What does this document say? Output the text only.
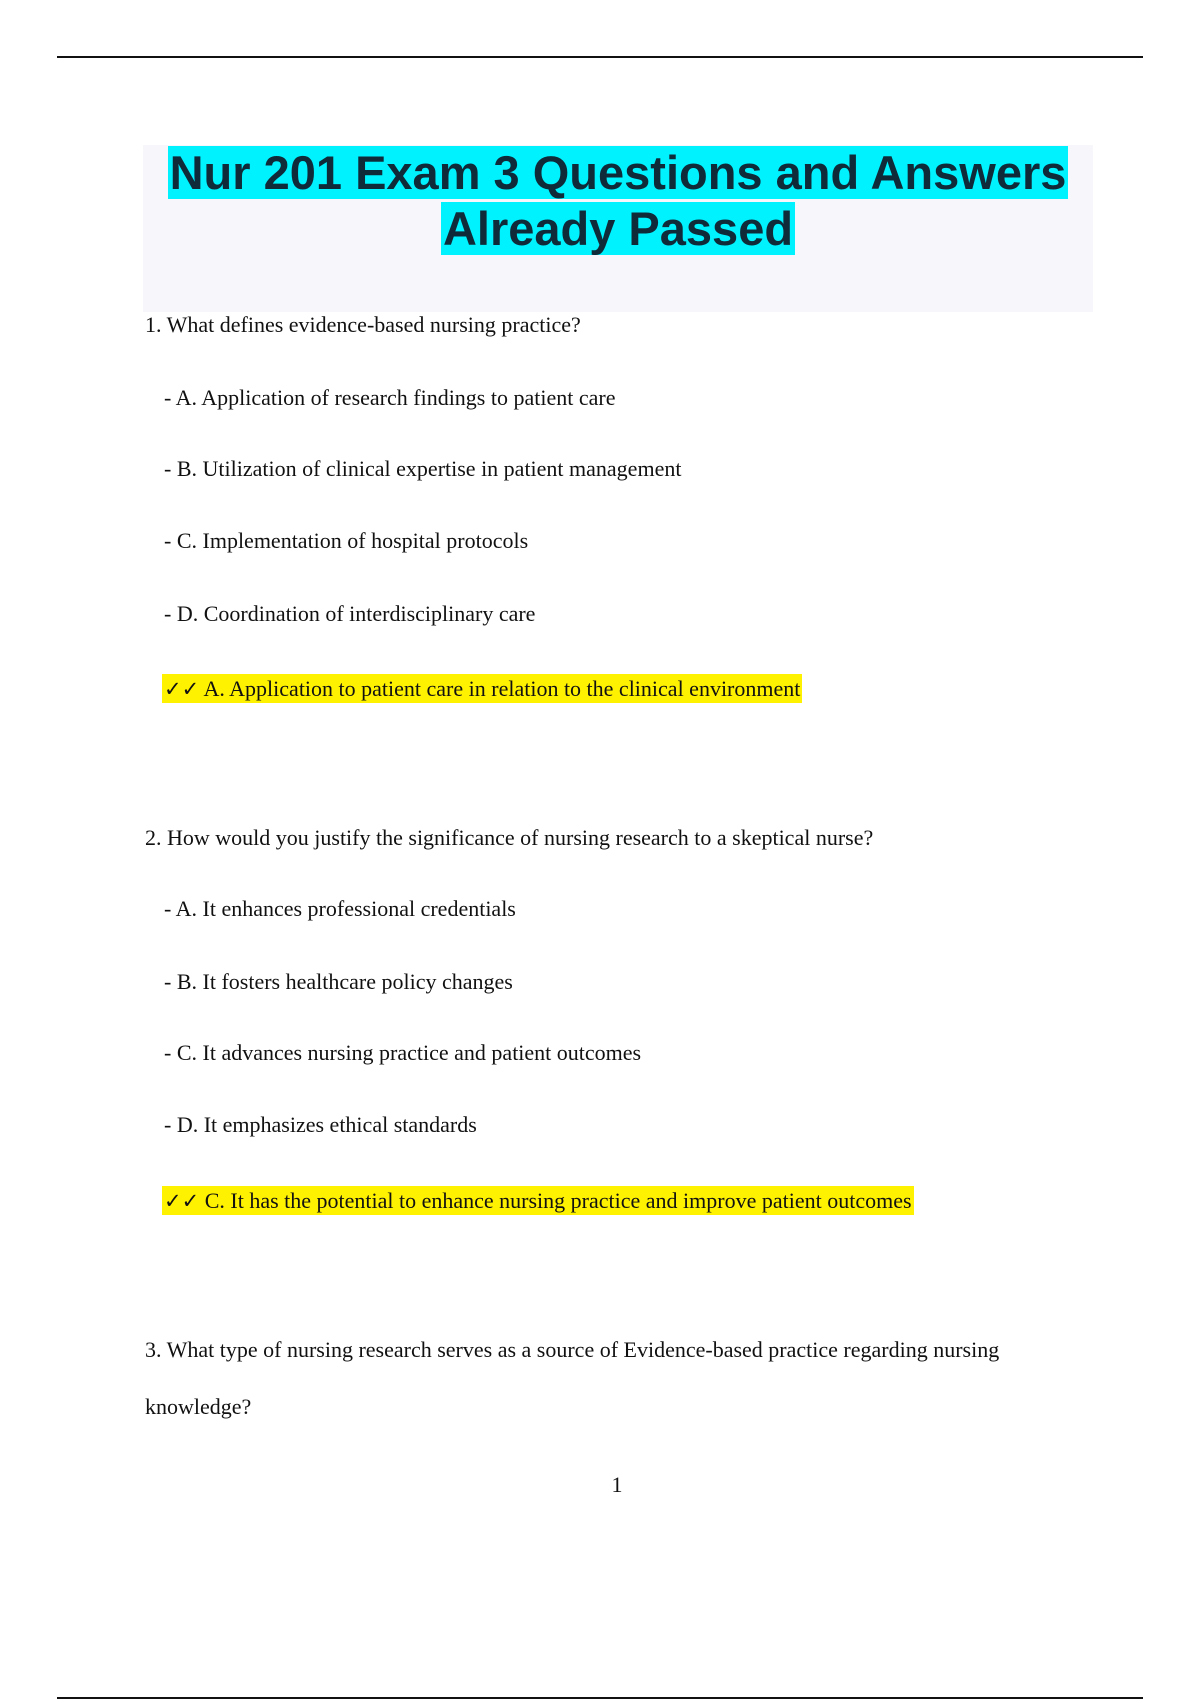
Nur 201 Exam 3 Questions and Answers
Already Passed
1. What defines evidence-based nursing practice?
- A. Application of research findings to patient care
- B. Utilization of clinical expertise in patient management
- C. Implementation of hospital protocols
- D. Coordination of interdisciplinary care
✓✓ A. Application to patient care in relation to the clinical environment
2. How would you justify the significance of nursing research to a skeptical nurse?
- A. It enhances professional credentials
- B. It fosters healthcare policy changes
- C. It advances nursing practice and patient outcomes
- D. It emphasizes ethical standards
✓✓ C. It has the potential to enhance nursing practice and improve patient outcomes
3. What type of nursing research serves as a source of Evidence-based practice regarding nursing
knowledge?
1
